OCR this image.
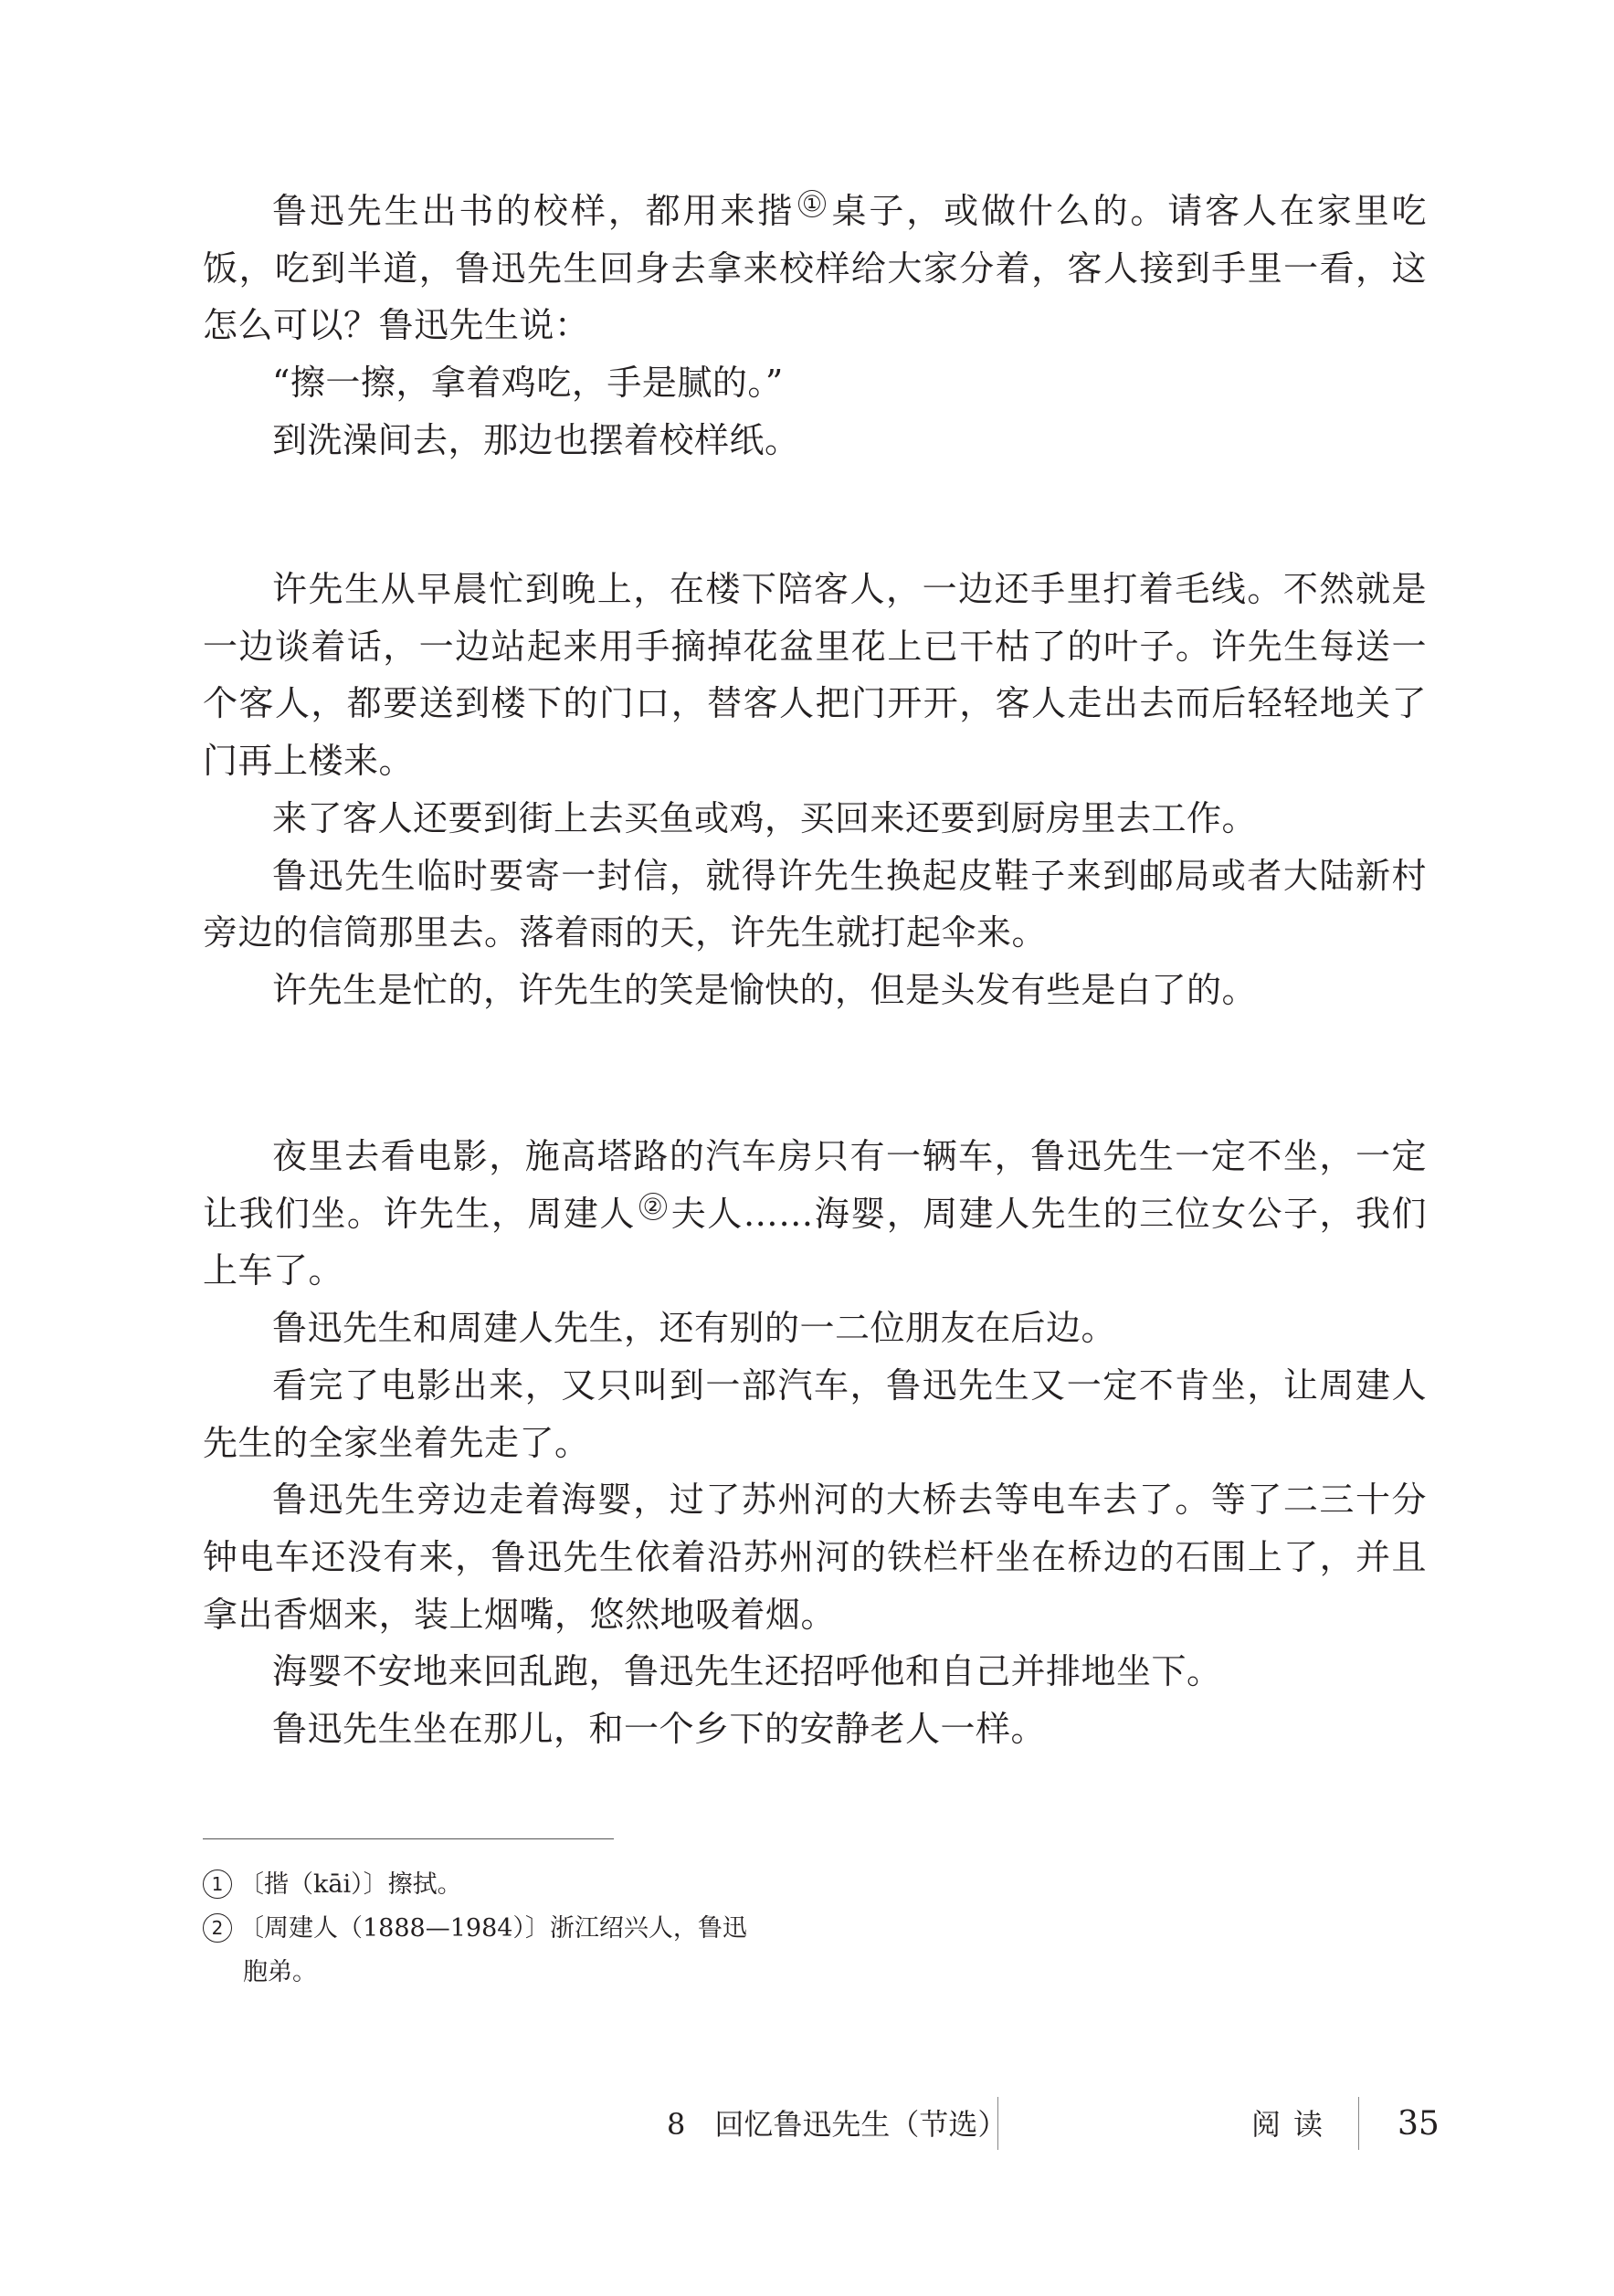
鲁迅先生出书的校样，都用来揩 ① 桌子，或做什么的。请客人在家里吃饭，吃到半道，鲁迅先生回身去拿来校样给大家分着，客人接到手里一看，这怎么可以？鲁迅先生说：

“擦一擦，拿着鸡吃，手是腻的。”

到洗澡间去，那边也摆着校样纸。

许先生从早晨忙到晚上，在楼下陪客人，一边还手里打着毛线。不然就是一边谈着话，一边站起来用手摘掉花盆里花上已干枯了的叶子。许先生每送一个客人，都要送到楼下的门口，替客人把门开开，客人走出去而后轻轻地关了门再上楼来。

来了客人还要到街上去买鱼或鸡，买回来还要到厨房里去工作。

鲁迅先生临时要寄一封信，就得许先生换起皮鞋子来到邮局或者大陆新村旁边的信筒那里去。落着雨的天，许先生就打起伞来。

许先生是忙的，许先生的笑是愉快的，但是头发有些是白了的。

夜里去看电影，施高塔路的汽车房只有一辆车，鲁迅先生一定不坐，一定让我们坐。许先生，周建人 ② 夫人……海婴，周建人先生的三位女公子，我们上车了。

鲁迅先生和周建人先生，还有别的一二位朋友在后边。

看完了电影出来，又只叫到一部汽车，鲁迅先生又一定不肯坐，让周建人先生的全家坐着先走了。

鲁迅先生旁边走着海婴，过了苏州河的大桥去等电车去了。等了二三十分钟电车还没有来，鲁迅先生依着沿苏州河的铁栏杆坐在桥边的石围上了，并且拿出香烟来，装上烟嘴，悠然地吸着烟。

海婴不安地来回乱跑，鲁迅先生还招呼他和自己并排地坐下。

鲁迅先生坐在那儿，和一个乡下的安静老人一样。

1 〔揩（kāi）〕擦拭。

2 〔周建人（1888—1984）〕浙江绍兴人，鲁迅
胞弟。

8　回忆鲁迅先生（节选）	阅读 35
